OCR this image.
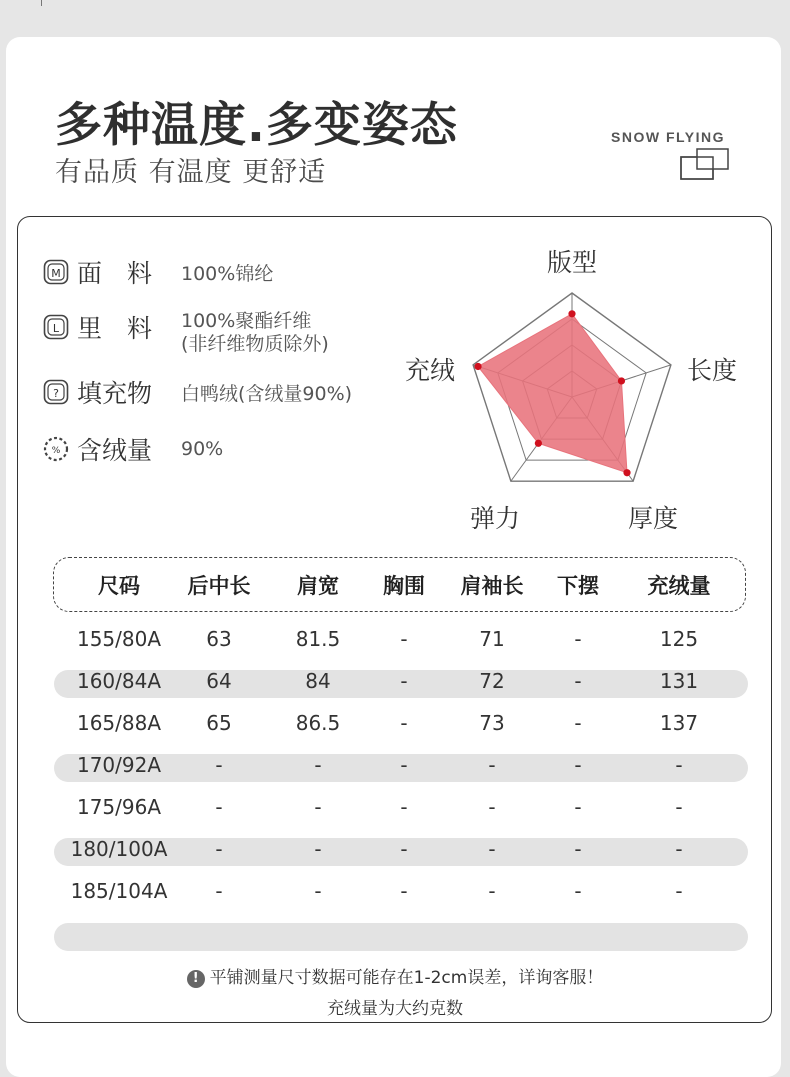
多种温度.多变姿态
有品质 有温度 更舒适
SNOW FLYING
M 面　料 100%锦纶
L 里　料 100%聚酯纤维
(非纤维物质除外)
? 填充物 白鸭绒(含绒量90%)
% 含绒量 90%
版型
长度
厚度
弹力
充绒
尺码 后中长 肩宽 胸围 肩袖长 下摆 充绒量
155/80A 63	81.5	-	71	-	125
160/84A 64	84	-	72	-	131
165/88A 65	86.5	-	73	-	137
170/92A	-	-	-	-	-	-
175/96A	-	-	-	-	-	-
180/100A -	-	-	-	-	-
185/104A -	-	-	-	-	-
! 平铺测量尺寸数据可能存在1-2cm误差，详询客服！
充绒量为大约克数
